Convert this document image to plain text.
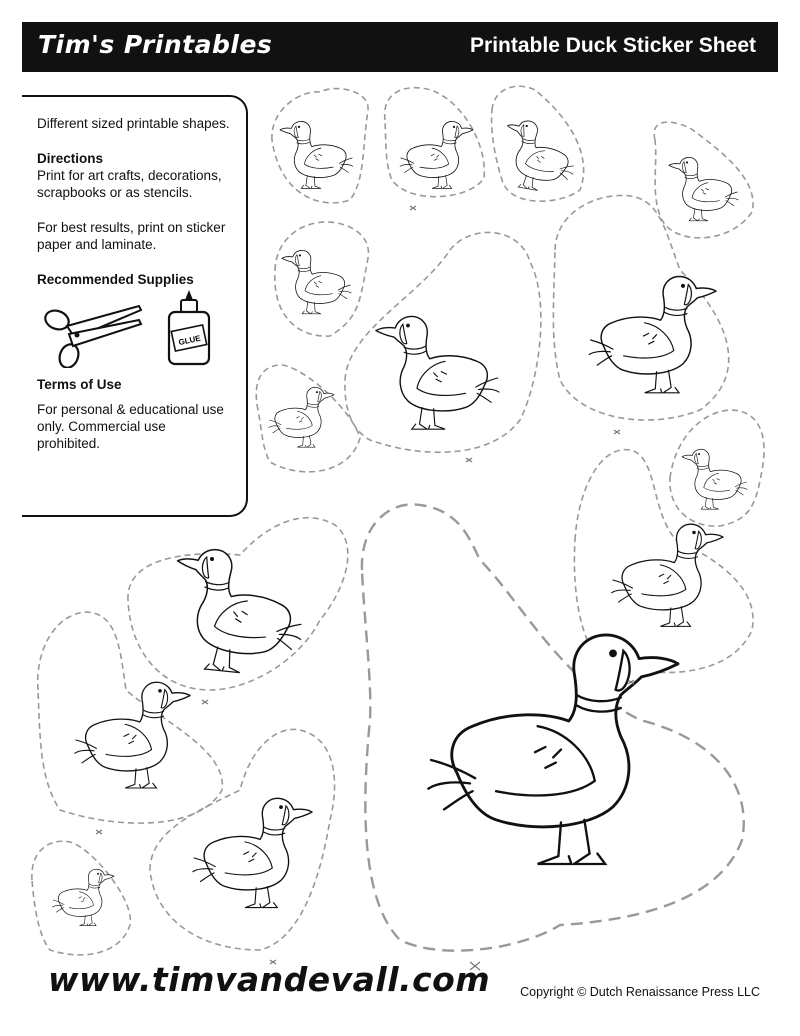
Tim's Printables	Printable Duck Sticker Sheet

Different sized printable shapes.

Directions

Print for art crafts, decorations, scrapbooks or as stencils.

For best results, print on sticker paper and laminate.

Recommended Supplies
GLUE
Terms of Use

For personal & educational use only. Commercial use prohibited.

www.timvandevall.com Copyright © Dutch Renaissance Press LLC
